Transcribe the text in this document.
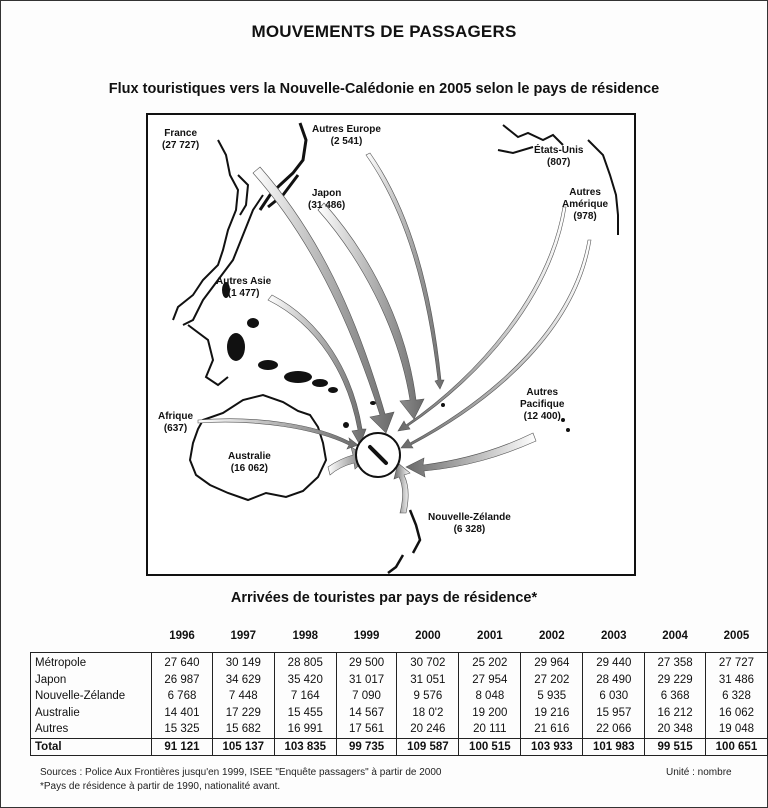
MOUVEMENTS DE PASSAGERS
Flux touristiques vers la Nouvelle-Calédonie en 2005 selon le pays de résidence
France
(27 727)
Autres Europe
(2 541)
Japon
(31 486)
États-Unis
(807)
Autres
Amérique
(978)
Autres Asie
(1 477)
Autres
Pacifique
(12 400)
Afrique
(637)
Australie
(16 062)
Nouvelle-Zélande
(6 328)
Arrivées de touristes par pays de résidence*
	1996	1997	1998	1999	2000	2001	2002	2003	2004	2005
Métropole	27 640	30 149	28 805	29 500	30 702	25 202	29 964	29 440	27 358	27 727
Japon	26 987	34 629	35 420	31 017	31 051	27 954	27 202	28 490	29 229	31 486
Nouvelle-Zélande	6 768	7 448	7 164	7 090	9 576	8 048	5 935	6 030	6 368	6 328
Australie	14 401	17 229	15 455	14 567	18 0'2	19 200	19 216	15 957	16 212	16 062
Autres	15 325	15 682	16 991	17 561	20 246	20 111	21 616	22 066	20 348	19 048
Total	91 121	105 137	103 835	99 735	109 587	100 515	103 933	101 983	99 515	100 651
Sources : Police Aux Frontières jusqu'en 1999, ISEE "Enquête passagers" à partir de 2000	Unité : nombre
*Pays de résidence à partir de 1990, nationalité avant.
